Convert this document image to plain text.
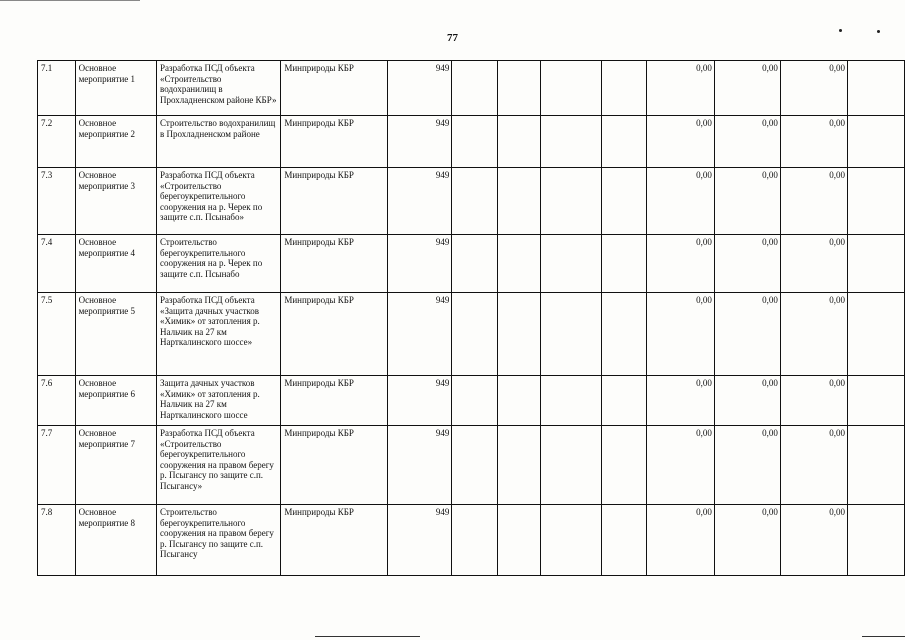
77
7.1	Основное мероприятие 1	Разработка ПСД объекта «Строительство водохранилищ в Прохладненском районе КБР»	Минприроды КБР	949					0,00	0,00	0,00	
7.2	Основное мероприятие 2	Строительство водохранилищ в Прохладненском районе	Минприроды КБР	949					0,00	0,00	0,00	
7.3	Основное мероприятие 3	Разработка ПСД объекта «Строительство берегоукрепительного сооружения на р. Черек по защите с.п. Псынабо»	Минприроды КБР	949					0,00	0,00	0,00	
7.4	Основное мероприятие 4	Строительство берегоукрепительного сооружения на р. Черек по защите с.п. Псынабо	Минприроды КБР	949					0,00	0,00	0,00	
7.5	Основное мероприятие 5	Разработка ПСД объекта «Защита дачных участков «Химик» от затопления р. Нальчик на 27 км Нарткалинского шоссе»	Минприроды КБР	949					0,00	0,00	0,00	
7.6	Основное мероприятие 6	Защита дачных участков «Химик» от затопления р. Нальчик на 27 км Нарткалинского шоссе	Минприроды КБР	949					0,00	0,00	0,00	
7.7	Основное мероприятие 7	Разработка ПСД объекта «Строительство берегоукрепительного сооружения на правом берегу р. Псыгансу по защите с.п. Псыгансу»	Минприроды КБР	949					0,00	0,00	0,00	
7.8	Основное мероприятие 8	Строительство берегоукрепительного сооружения на правом берегу р. Псыгансу по защите с.п. Псыгансу	Минприроды КБР	949					0,00	0,00	0,00	
